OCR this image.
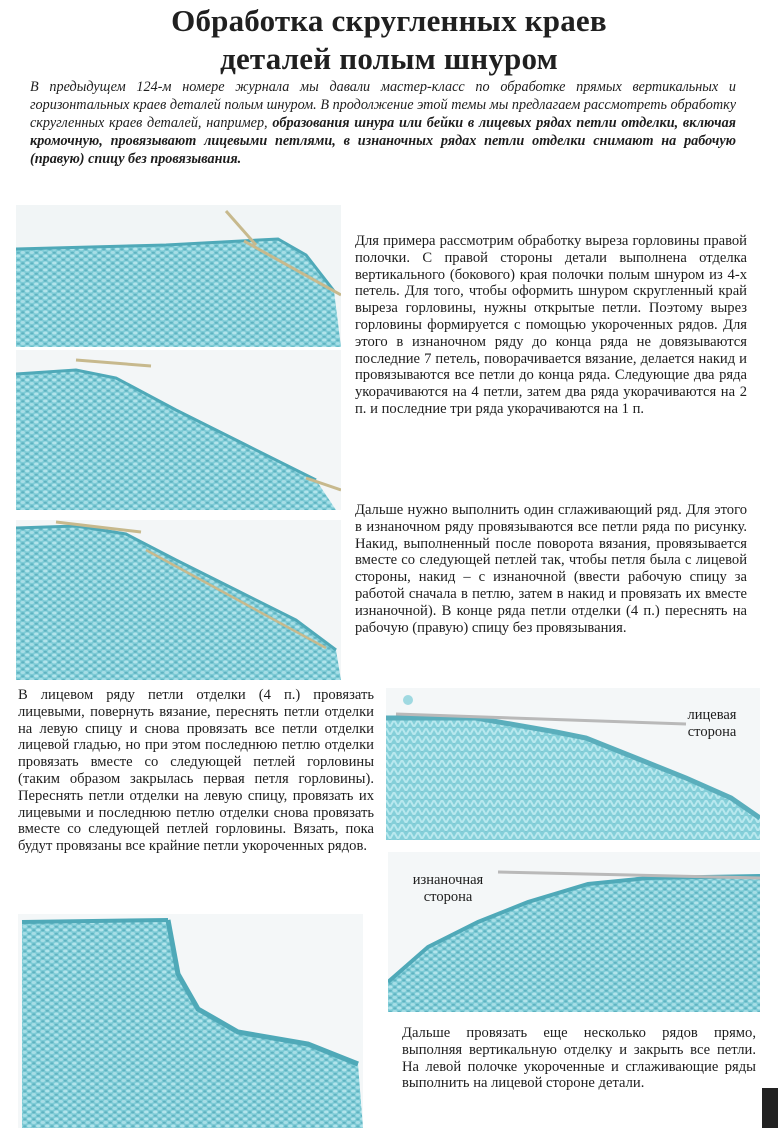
Обработка скругленных краев
деталей полым шнуром
В предыдущем 124-м номере журнала мы давали мастер-класс по обработке прямых вертикальных и горизонтальных краев деталей полым шнуром. В продолжение этой темы мы предлагаем рассмотреть обработку скругленных краев деталей, например, образования шнура или бейки в лицевых рядах петли отделки, включая кромочную, провязывают лицевыми петлями, в изнаночных рядах петли отделки снимают на рабочую (правую) спицу без провязывания.
Для примера рассмотрим обработку выреза горловины правой полочки. С правой стороны детали выполнена отделка вертикального (бокового) края полочки полым шнуром из 4-х петель. Для того, чтобы оформить шнуром скругленный край выреза горловины, нужны открытые петли. Поэтому вырез горловины формируется с помощью укороченных рядов. Для этого в изнаночном ряду до конца ряда не довязываются последние 7 петель, поворачивается вязание, делается накид и провязываются все петли до конца ряда. Следующие два ряда укорачиваются на 4 петли, затем два ряда укорачиваются на 2 п. и последние три ряда укорачиваются на 1 п.
Дальше нужно выполнить один сглаживающий ряд. Для этого в изнаночном ряду провязываются все петли ряда по рисунку. Накид, выполненный после поворота вязания, провязывается вместе со следующей петлей так, чтобы петля была с лицевой стороны, накид – с изнаночной (ввести рабочую спицу за работой сначала в петлю, затем в накид и провязать их вместе изнаночной). В конце ряда петли отделки (4 п.) переснять на рабочую (правую) спицу без провязывания.
В лицевом ряду петли отделки (4 п.) провязать лицевыми, повернуть вязание, переснять петли отделки на левую спицу и снова провязать все петли отделки лицевой гладью, но при этом последнюю петлю отделки провязать вместе со следующей петлей горловины (таким образом закрылась первая петля горловины). Переснять петли отделки на левую спицу, провязать их лицевыми и последнюю петлю отделки снова провязать вместе со следующей петлей горловины. Вязать, пока будут провязаны все крайние петли укороченных рядов.
лицевая
сторона
изнаночная
сторона
Дальше провязать еще несколько рядов прямо, выполняя вертикальную отделку и закрыть все петли. На левой полочке укороченные и сглаживающие ряды выполнить на лицевой стороне детали.
